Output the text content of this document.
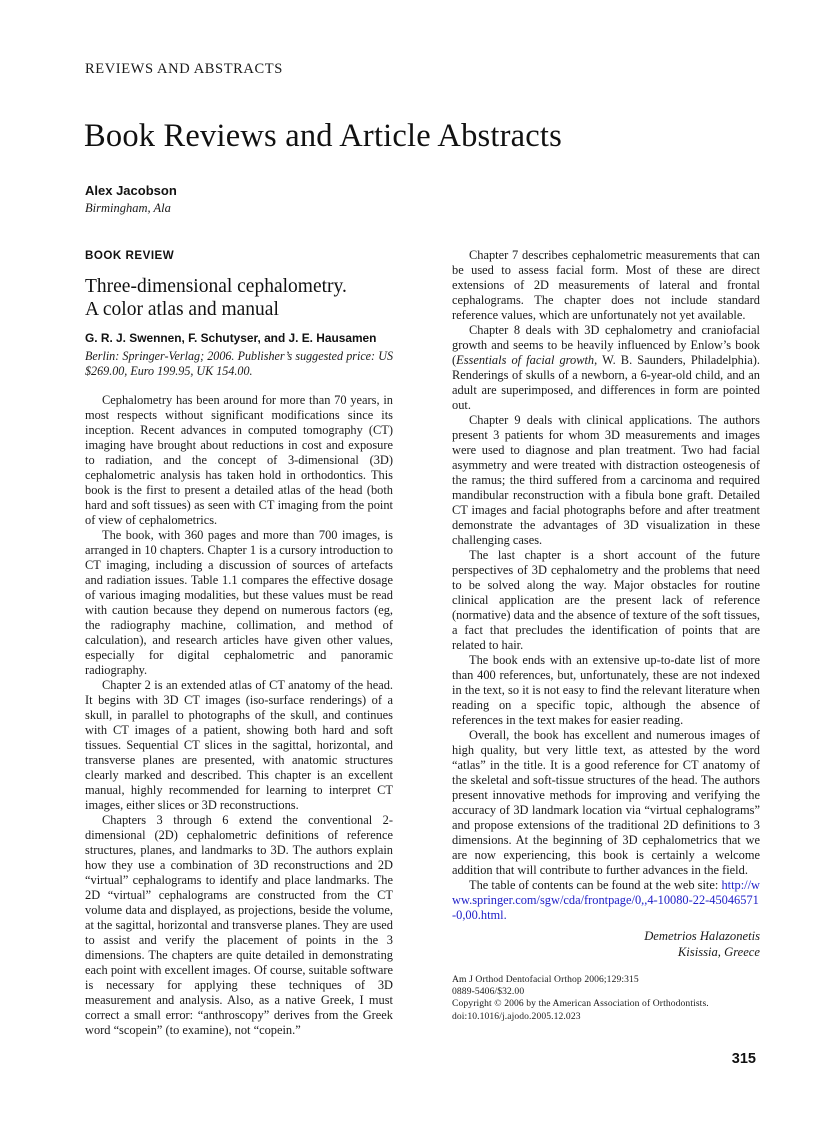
REVIEWS AND ABSTRACTS
Book Reviews and Article Abstracts
Alex Jacobson
Birmingham, Ala
BOOK REVIEW
Three-dimensional cephalometry.
A color atlas and manual
G. R. J. Swennen, F. Schutyser, and J. E. Hausamen
Berlin: Springer-Verlag; 2006. Publisher’s suggested price: US $269.00, Euro 199.95, UK 154.00.

Cephalometry has been around for more than 70 years, in most respects without significant modifications since its inception. Recent advances in computed tomography (CT) imaging have brought about reductions in cost and exposure to radiation, and the concept of 3-dimensional (3D) cephalometric analysis has taken hold in orthodontics. This book is the first to present a detailed atlas of the head (both hard and soft tissues) as seen with CT imaging from the point of view of cephalometrics.

The book, with 360 pages and more than 700 images, is arranged in 10 chapters. Chapter 1 is a cursory introduction to CT imaging, including a discussion of sources of artefacts and radiation issues. Table 1.1 compares the effective dosage of various imaging modalities, but these values must be read with caution because they depend on numerous factors (eg, the radiography machine, collimation, and method of calculation), and research articles have given other values, especially for digital cephalometric and panoramic radiography.

Chapter 2 is an extended atlas of CT anatomy of the head. It begins with 3D CT images (iso-surface renderings) of a skull, in parallel to photographs of the skull, and continues with CT images of a patient, showing both hard and soft tissues. Sequential CT slices in the sagittal, horizontal, and transverse planes are presented, with anatomic structures clearly marked and described. This chapter is an excellent manual, highly recommended for learning to interpret CT images, either slices or 3D reconstructions.

Chapters 3 through 6 extend the conventional 2-dimensional (2D) cephalometric definitions of reference structures, planes, and landmarks to 3D. The authors explain how they use a combination of 3D reconstructions and 2D “virtual” cephalograms to identify and place landmarks. The 2D “virtual” cephalograms are constructed from the CT volume data and displayed, as projections, beside the volume, at the sagittal, horizontal and transverse planes. They are used to assist and verify the placement of points in the 3 dimensions. The chapters are quite detailed in demonstrating each point with excellent images. Of course, suitable software is necessary for applying these techniques of 3D measurement and analysis. Also, as a native Greek, I must correct a small error: “anthroscopy” derives from the Greek word “scopein” (to examine), not “copein.”

Chapter 7 describes cephalometric measurements that can be used to assess facial form. Most of these are direct extensions of 2D measurements of lateral and frontal cephalograms. The chapter does not include standard reference values, which are unfortunately not yet available.

Chapter 8 deals with 3D cephalometry and craniofacial growth and seems to be heavily influenced by Enlow’s book (Essentials of facial growth, W. B. Saunders, Philadelphia). Renderings of skulls of a newborn, a 6-year-old child, and an adult are superimposed, and differences in form are pointed out.

Chapter 9 deals with clinical applications. The authors present 3 patients for whom 3D measurements and images were used to diagnose and plan treatment. Two had facial asymmetry and were treated with distraction osteogenesis of the ramus; the third suffered from a carcinoma and required mandibular reconstruction with a fibula bone graft. Detailed CT images and facial photographs before and after treatment demonstrate the advantages of 3D visualization in these challenging cases.

The last chapter is a short account of the future perspectives of 3D cephalometry and the problems that need to be solved along the way. Major obstacles for routine clinical application are the present lack of reference (normative) data and the absence of texture of the soft tissues, a fact that precludes the identification of points that are related to hair.

The book ends with an extensive up-to-date list of more than 400 references, but, unfortunately, these are not indexed in the text, so it is not easy to find the relevant literature when reading on a specific topic, although the absence of references in the text makes for easier reading.

Overall, the book has excellent and numerous images of high quality, but very little text, as attested by the word “atlas” in the title. It is a good reference for CT anatomy of the skeletal and soft-tissue structures of the head. The authors present innovative methods for improving and verifying the accuracy of 3D landmark location via “virtual cephalograms” and propose extensions of the traditional 2D definitions to 3 dimensions. At the beginning of 3D cephalometrics that we are now experiencing, this book is certainly a welcome addition that will contribute to further advances in the field.

The table of contents can be found at the web site: http://www.springer.com/sgw/cda/frontpage/0,,4-10080-22-45046571-0,00.html.

Demetrios Halazonetis
Kisissia, Greece
Am J Orthod Dentofacial Orthop 2006;129:315
0889-5406/$32.00
Copyright © 2006 by the American Association of Orthodontists.
doi:10.1016/j.ajodo.2005.12.023
315
